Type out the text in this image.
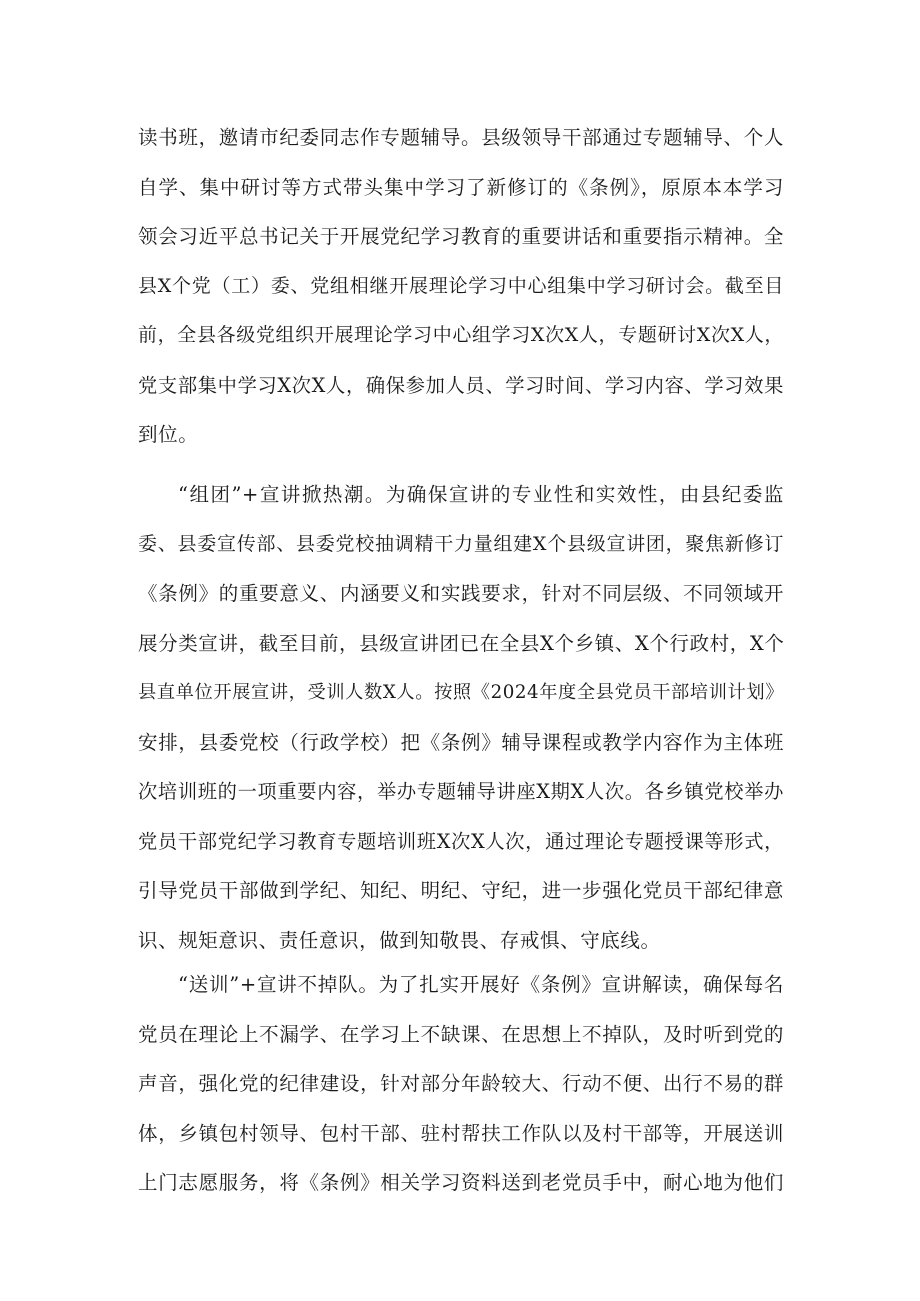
读书班，邀请市纪委同志作专题辅导。县级领导干部通过专题辅导、个人
自学、集中研讨等方式带头集中学习了新修订的《条例》，原原本本学习
领会习近平总书记关于开展党纪学习教育的重要讲话和重要指示精神。全
县X个党（工）委、党组相继开展理论学习中心组集中学习研讨会。截至目
前，全县各级党组织开展理论学习中心组学习X次X人，专题研讨X次X人，
党支部集中学习X次X人，确保参加人员、学习时间、学习内容、学习效果
到位。
“组团”+宣讲掀热潮。为确保宣讲的专业性和实效性，由县纪委监
委、县委宣传部、县委党校抽调精干力量组建X个县级宣讲团，聚焦新修订
《条例》的重要意义、内涵要义和实践要求，针对不同层级、不同领域开
展分类宣讲，截至目前，县级宣讲团已在全县X个乡镇、X个行政村，X个
县直单位开展宣讲，受训人数X人。按照《2024年度全县党员干部培训计划》
安排，县委党校（行政学校）把《条例》辅导课程或教学内容作为主体班
次培训班的一项重要内容，举办专题辅导讲座X期X人次。各乡镇党校举办
党员干部党纪学习教育专题培训班X次X人次，通过理论专题授课等形式，
引导党员干部做到学纪、知纪、明纪、守纪，进一步强化党员干部纪律意
识、规矩意识、责任意识，做到知敬畏、存戒惧、守底线。
“送训”+宣讲不掉队。为了扎实开展好《条例》宣讲解读，确保每名
党员在理论上不漏学、在学习上不缺课、在思想上不掉队，及时听到党的
声音，强化党的纪律建设，针对部分年龄较大、行动不便、出行不易的群
体，乡镇包村领导、包村干部、驻村帮扶工作队以及村干部等，开展送训
上门志愿服务，将《条例》相关学习资料送到老党员手中，耐心地为他们
